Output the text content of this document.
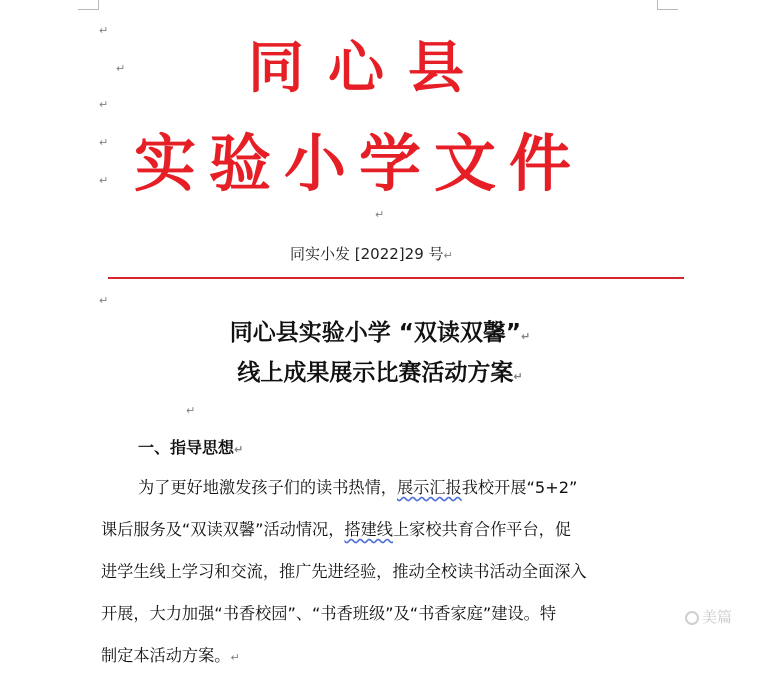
↵
↵
↵
↵
↵
↵
同心县
实验小学文件
同实小发 [2022]29 号↵
↵
同心县实验小学 “双读双馨”↵
线上成果展示比赛活动方案↵
↵
一、指导思想↵
为了更好地激发孩子们的读书热情，展示汇报我校开展“5+2”
课后服务及“双读双馨”活动情况，搭建线上家校共育合作平台，促
进学生线上学习和交流，推广先进经验，推动全校读书活动全面深入
开展，大力加强“书香校园”、“书香班级”及“书香家庭”建设。特
制定本活动方案。↵
美篇
